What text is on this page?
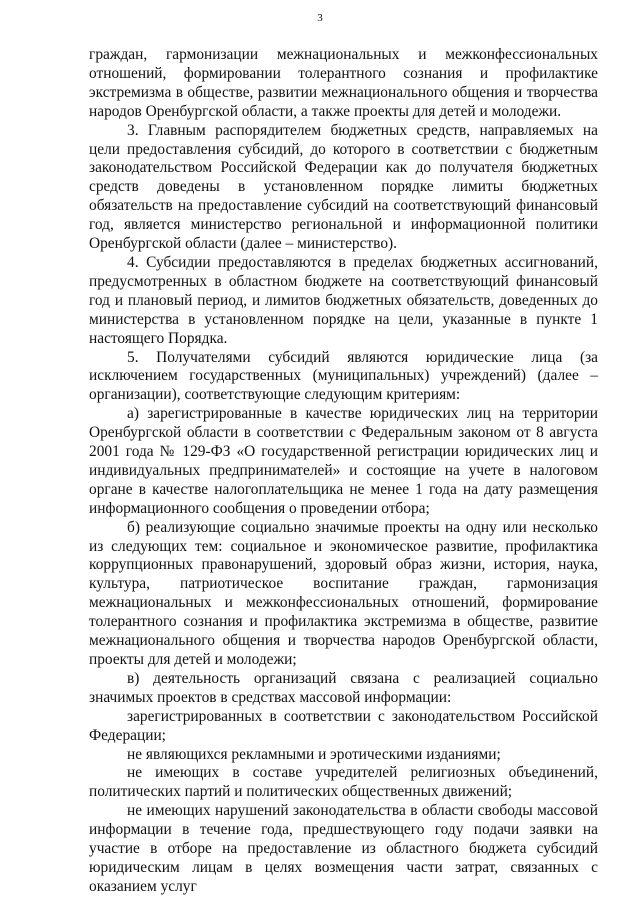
3

граждан, гармонизации межнациональных и межконфессиональных отношений, формировании толерантного сознания и профилактике экстремизма в обществе, развитии межнационального общения и творчества народов Оренбургской области, а также проекты для детей и молодежи.

3. Главным распорядителем бюджетных средств, направляемых на цели предоставления субсидий, до которого в соответствии с бюджетным законодательством Российской Федерации как до получателя бюджетных средств доведены в установленном порядке лимиты бюджетных обязательств на предоставление субсидий на соответствующий финансовый год, является министерство региональной и информационной политики Оренбургской области (далее – министерство).

4. Субсидии предоставляются в пределах бюджетных ассигнований, предусмотренных в областном бюджете на соответствующий финансовый год и плановый период, и лимитов бюджетных обязательств, доведенных до министерства в установленном порядке на цели, указанные в пункте 1 настоящего Порядка.

5. Получателями субсидий являются юридические лица (за исключением государственных (муниципальных) учреждений) (далее – организации), соответствующие следующим критериям:

а) зарегистрированные в качестве юридических лиц на территории Оренбургской области в соответствии с Федеральным законом от 8 августа 2001 года № 129-ФЗ «О государственной регистрации юридических лиц и индивидуальных предпринимателей» и состоящие на учете в налоговом органе в качестве налогоплательщика не менее 1 года на дату размещения информационного сообщения о проведении отбора;

б) реализующие социально значимые проекты на одну или несколько из следующих тем: социальное и экономическое развитие, профилактика коррупционных правонарушений, здоровый образ жизни, история, наука, культура, патриотическое воспитание граждан, гармонизация межнациональных и межконфессиональных отношений, формирование толерантного сознания и профилактика экстремизма в обществе, развитие межнационального общения и творчества народов Оренбургской области, проекты для детей и молодежи;

в) деятельность организаций связана с реализацией социально значимых проектов в средствах массовой информации:

зарегистрированных в соответствии с законодательством Российской Федерации;

не являющихся рекламными и эротическими изданиями;

не имеющих в составе учредителей религиозных объединений, политических партий и политических общественных движений;

не имеющих нарушений законодательства в области свободы массовой информации в течение года, предшествующего году подачи заявки на участие в отборе на предоставление из областного бюджета субсидий юридическим лицам в целях возмещения части затрат, связанных с оказанием услуг
